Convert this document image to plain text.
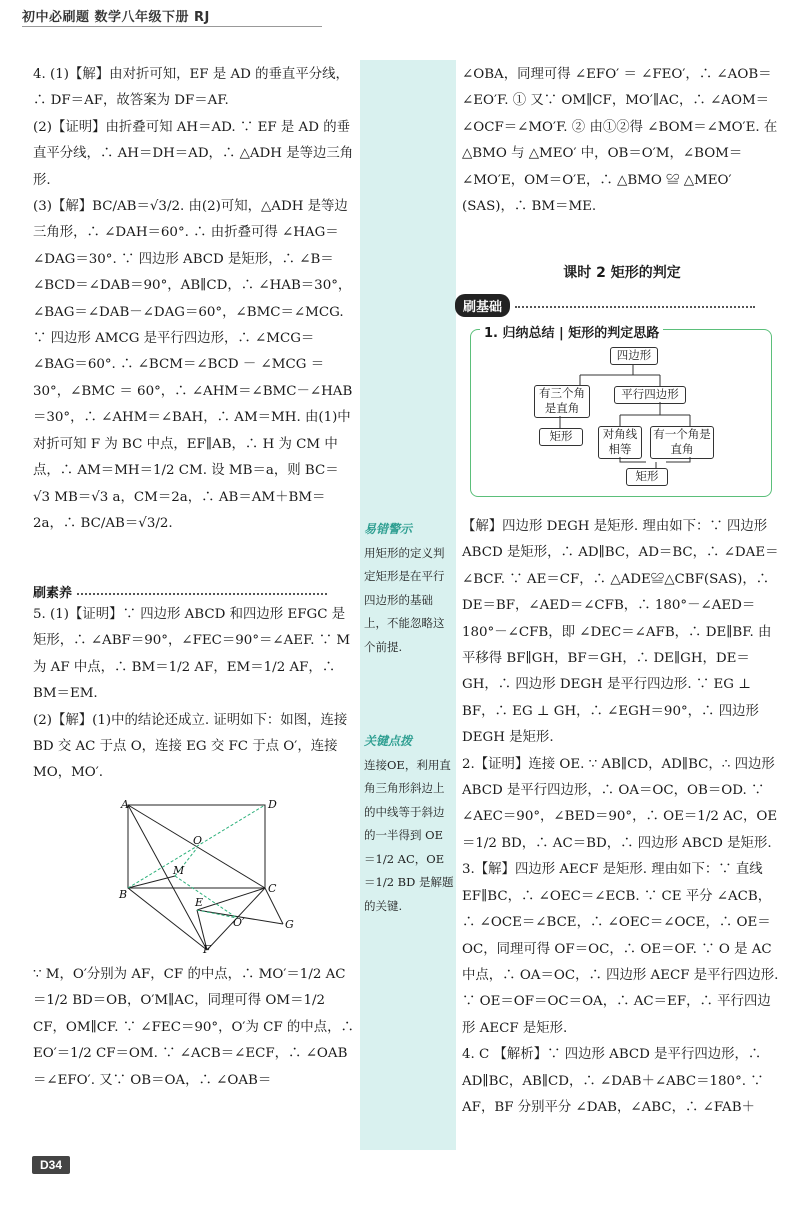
初中必刷题 数学八年级下册 RJ

4. (1)【解】由对折可知，EF 是 AD 的垂直平分线，∴ DF＝AF，故答案为 DF＝AF.

(2)【证明】由折叠可知 AH＝AD. ∵ EF 是 AD 的垂直平分线，∴ AH＝DH＝AD，∴ △ADH 是等边三角形.

(3)【解】BC/AB＝√3/2. 由(2)可知，△ADH 是等边三角形，∴ ∠DAH＝60°. ∴ 由折叠可得 ∠HAG＝∠DAG＝30°. ∵ 四边形 ABCD 是矩形，∴ ∠B＝∠BCD＝∠DAB＝90°，AB∥CD，∴ ∠HAB＝30°，∠BAG＝∠DAB－∠DAG＝60°，∠BMC＝∠MCG. ∵ 四边形 AMCG 是平行四边形，∴ ∠MCG＝∠BAG＝60°. ∴ ∠BCM＝∠BCD － ∠MCG ＝ 30°，∠BMC ＝ 60°，∴ ∠AHM＝∠BMC－∠HAB＝30°，∴ ∠AHM＝∠BAH，∴ AM＝MH. 由(1)中对折可知 F 为 BC 中点，EF∥AB，∴ H 为 CM 中点，∴ AM＝MH＝1/2 CM. 设 MB＝a，则 BC＝√3 MB＝√3 a，CM＝2a，∴ AB＝AM＋BM＝2a，∴ BC/AB＝√3/2.

刷素养

5. (1)【证明】∵ 四边形 ABCD 和四边形 EFGC 是矩形，∴ ∠ABF＝90°，∠FEC＝90°＝∠AEF. ∵ M 为 AF 中点，∴ BM＝1/2 AF，EM＝1/2 AF，∴ BM＝EM.

(2)【解】(1)中的结论还成立. 证明如下：如图，连接 BD 交 AC 于点 O，连接 EG 交 FC 于点 O′，连接 MO，MO′.

A	D
O
M
B	C
E
O′	G
F

∵ M，O′分别为 AF，CF 的中点，∴ MO′＝1/2 AC＝1/2 BD＝OB，O′M∥AC，同理可得 OM＝1/2 CF，OM∥CF. ∵ ∠FEC＝90°，O′为 CF 的中点，∴ EO′＝1/2 CF＝OM. ∵ ∠ACB＝∠ECF，∴ ∠OAB＝∠EFO′. 又∵ OB＝OA，∴ ∠OAB＝

易错警示
用矩形的定义判定矩形是在平行四边形的基础上，不能忽略这个前提.
关键点拨
连接OE，利用直角三角形斜边上的中线等于斜边的一半得到 OE＝1/2 AC，OE＝1/2 BD 是解题的关键.

∠OBA，同理可得 ∠EFO′ ＝ ∠FEO′，∴ ∠AOB＝∠EO′F. ① 又∵ OM∥CF，MO′∥AC，∴ ∠AOM＝∠OCF＝∠MO′F. ② 由①②得 ∠BOM＝∠MO′E. 在 △BMO 与 △MEO′ 中，OB＝O′M，∠BOM＝∠MO′E，OM＝O′E，∴ △BMO ≌ △MEO′ (SAS)，∴ BM＝ME.

课时 2 矩形的判定
刷基础
1. 归纳总结 | 矩形的判定思路
四边形
有三个角是直角
平行四边形
矩形	对角线相等
有一个角是直角
矩形

【解】四边形 DEGH 是矩形. 理由如下：∵ 四边形 ABCD 是矩形，∴ AD∥BC，AD＝BC，∴ ∠DAE＝∠BCF. ∵ AE＝CF，∴ △ADE≌△CBF(SAS)，∴ DE＝BF，∠AED＝∠CFB，∴ 180°－∠AED＝180°－∠CFB，即 ∠DEC＝∠AFB，∴ DE∥BF. 由平移得 BF∥GH，BF＝GH，∴ DE∥GH，DE＝GH，∴ 四边形 DEGH 是平行四边形. ∵ EG ⊥ BF，∴ EG ⊥ GH，∴ ∠EGH＝90°，∴ 四边形 DEGH 是矩形.

2.【证明】连接 OE. ∵ AB∥CD，AD∥BC，∴ 四边形 ABCD 是平行四边形，∴ OA＝OC，OB＝OD. ∵ ∠AEC＝90°，∠BED＝90°，∴ OE＝1/2 AC，OE＝1/2 BD，∴ AC＝BD，∴ 四边形 ABCD 是矩形.

3.【解】四边形 AECF 是矩形. 理由如下：∵ 直线 EF∥BC，∴ ∠OEC＝∠ECB. ∵ CE 平分 ∠ACB，∴ ∠OCE＝∠BCE，∴ ∠OEC＝∠OCE，∴ OE＝OC，同理可得 OF＝OC，∴ OE＝OF. ∵ O 是 AC 中点，∴ OA＝OC，∴ 四边形 AECF 是平行四边形. ∵ OE＝OF＝OC＝OA，∴ AC＝EF，∴ 平行四边形 AECF 是矩形.

4. C 【解析】∵ 四边形 ABCD 是平行四边形，∴ AD∥BC，AB∥CD，∴ ∠DAB＋∠ABC＝180°. ∵ AF，BF 分别平分 ∠DAB，∠ABC，∴ ∠FAB＋

D34
